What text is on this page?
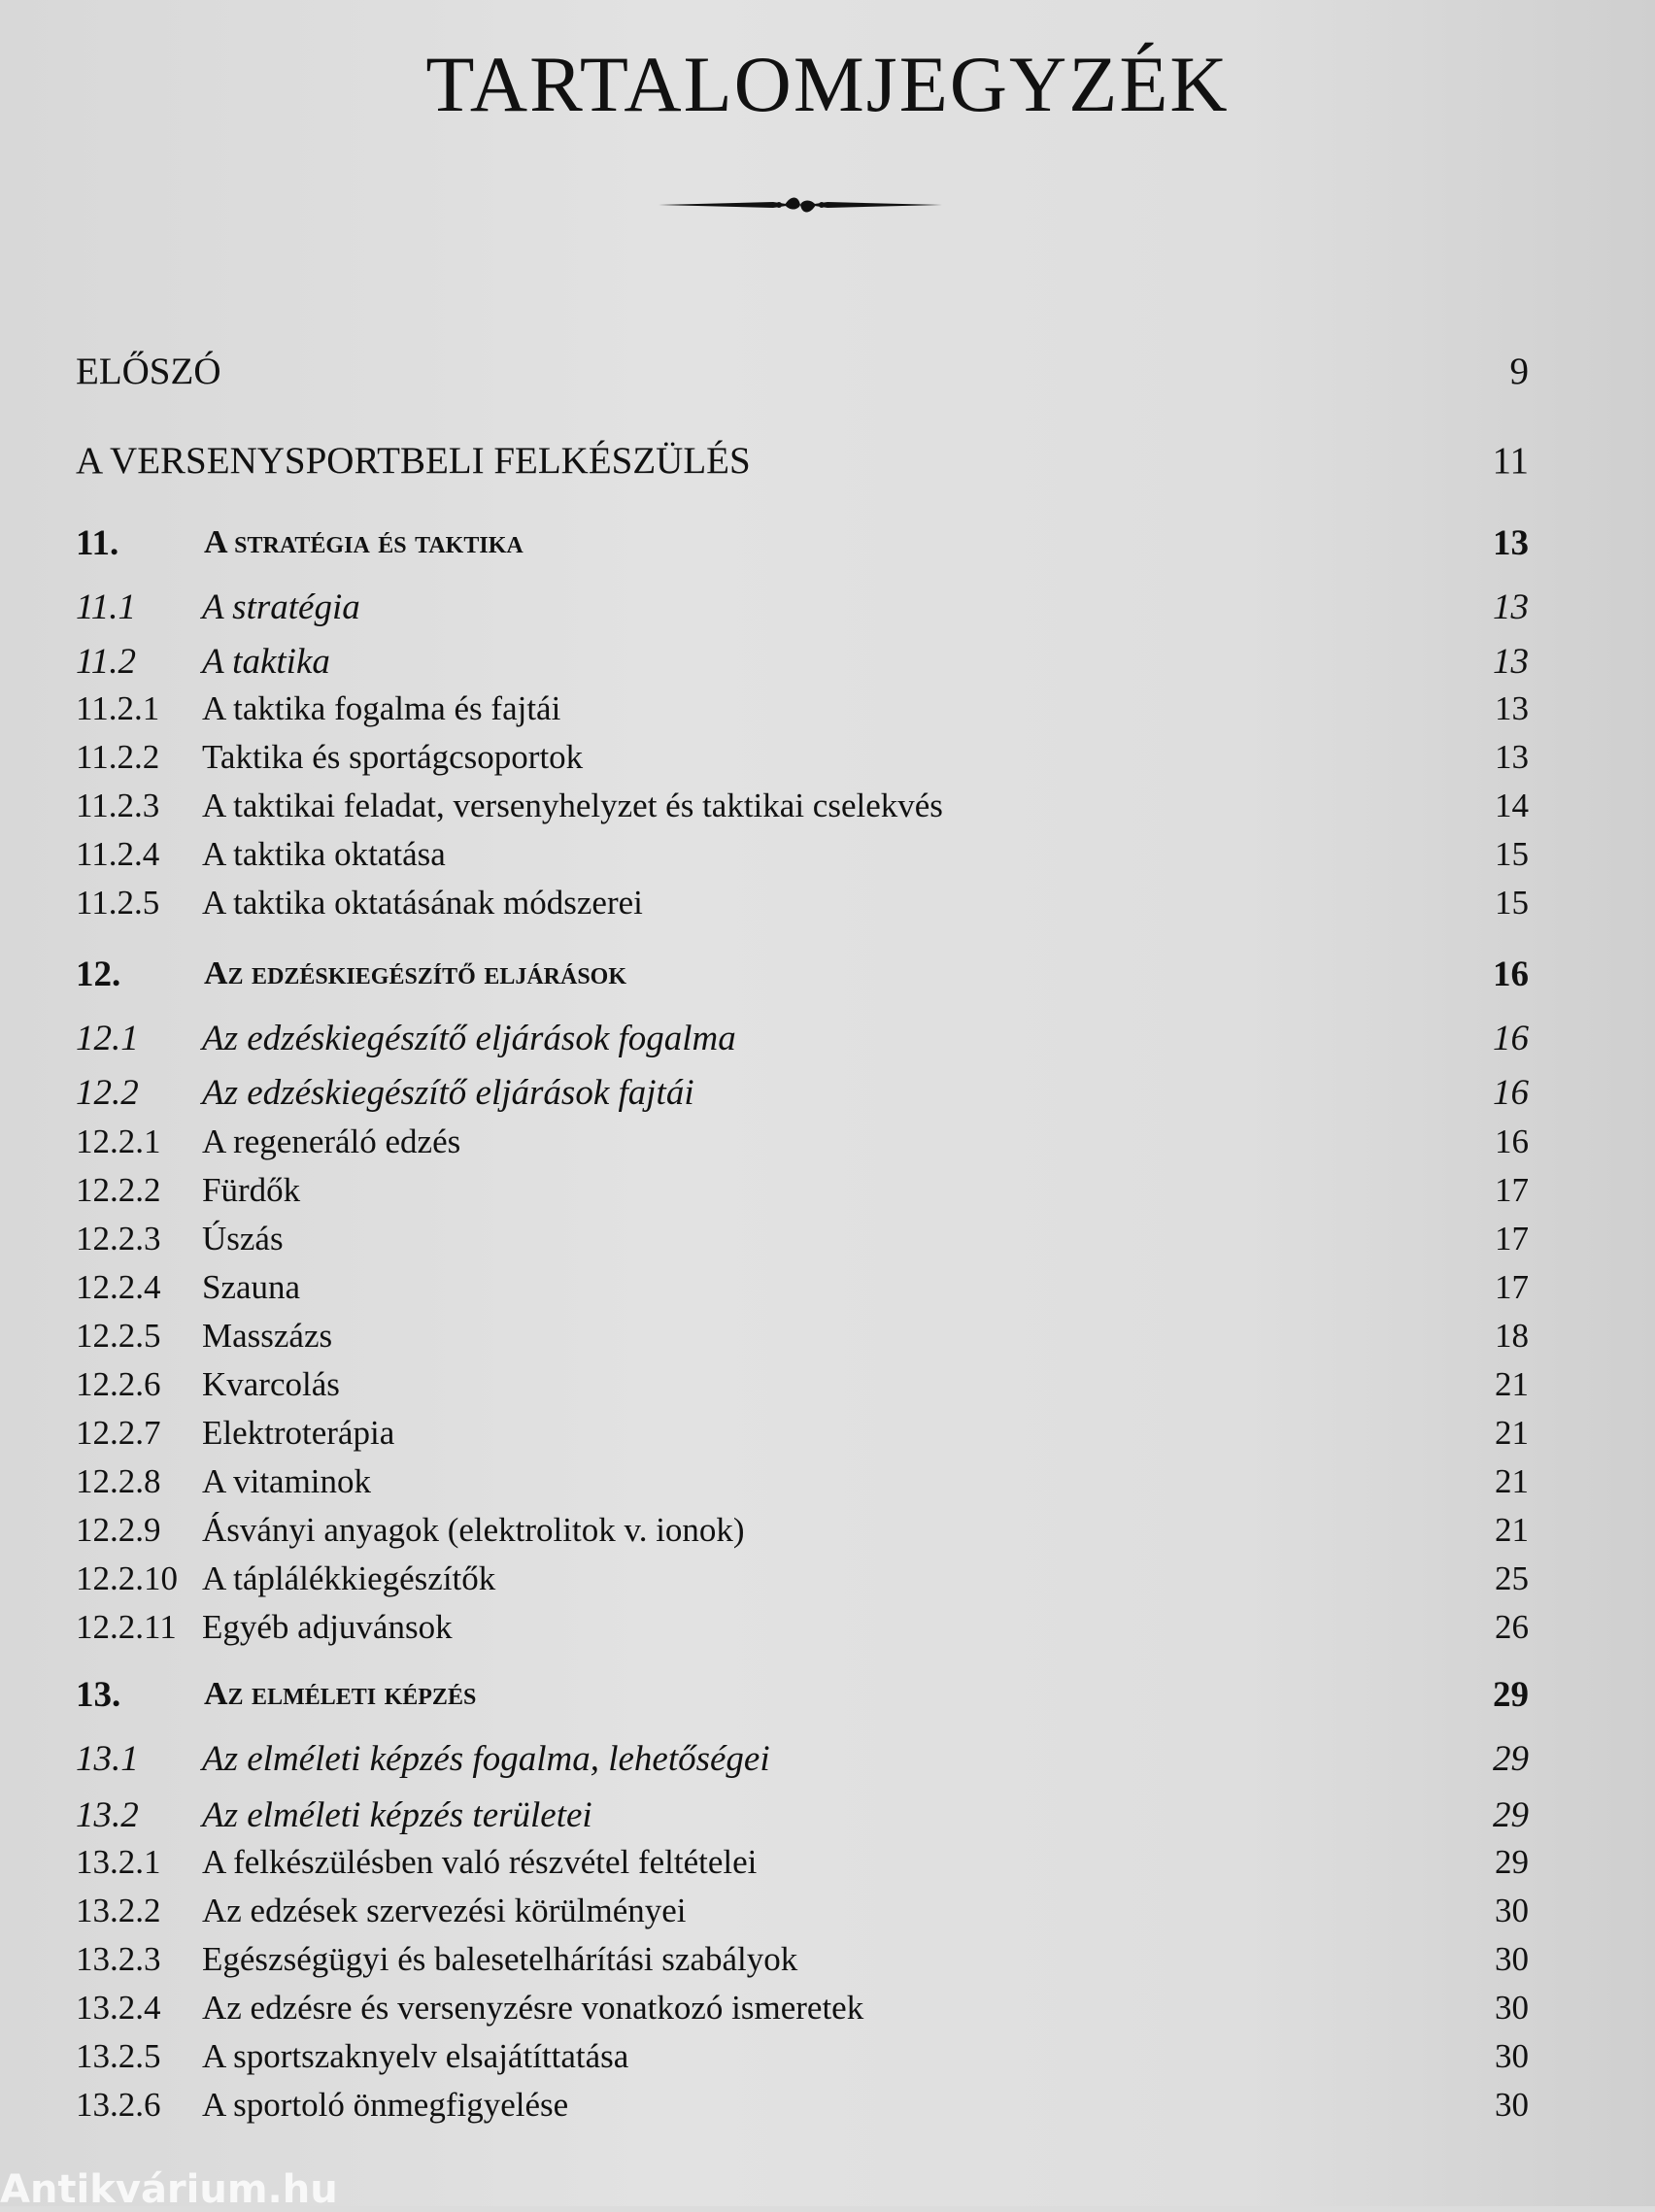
TARTALOMJEGYZÉK
ELŐSZÓ	9
A VERSENYSPORTBELI FELKÉSZÜLÉS	11
11.	A stratégia és taktika	13
11.1 A stratégia	13
11.2 A taktika	13
11.2.1 A taktika fogalma és fajtái	13
11.2.2 Taktika és sportágcsoportok	13
11.2.3 A taktikai feladat, versenyhelyzet és taktikai cselekvés	14
11.2.4 A taktika oktatása	15
11.2.5 A taktika oktatásának módszerei	15
12.	Az edzéskiegészítő eljárások	16
12.1 Az edzéskiegészítő eljárások fogalma	16
12.2 Az edzéskiegészítő eljárások fajtái	16
12.2.1 A regeneráló edzés	16
12.2.2 Fürdők	17
12.2.3 Úszás	17
12.2.4 Szauna	17
12.2.5 Masszázs	18
12.2.6 Kvarcolás	21
12.2.7 Elektroterápia	21
12.2.8 A vitaminok	21
12.2.9 Ásványi anyagok (elektrolitok v. ionok)	21
12.2.10 A táplálékkiegészítők	25
12.2.11 Egyéb adjuvánsok	26
13.	Az elméleti képzés	29
13.1 Az elméleti képzés fogalma, lehetőségei	29
13.2 Az elméleti képzés területei	29
13.2.1 A felkészülésben való részvétel feltételei	29
13.2.2 Az edzések szervezési körülményei	30
13.2.3 Egészségügyi és balesetelhárítási szabályok	30
13.2.4 Az edzésre és versenyzésre vonatkozó ismeretek	30
13.2.5 A sportszaknyelv elsajátíttatása	30
13.2.6 A sportoló önmegfigyelése	30
Antikvárium.hu
